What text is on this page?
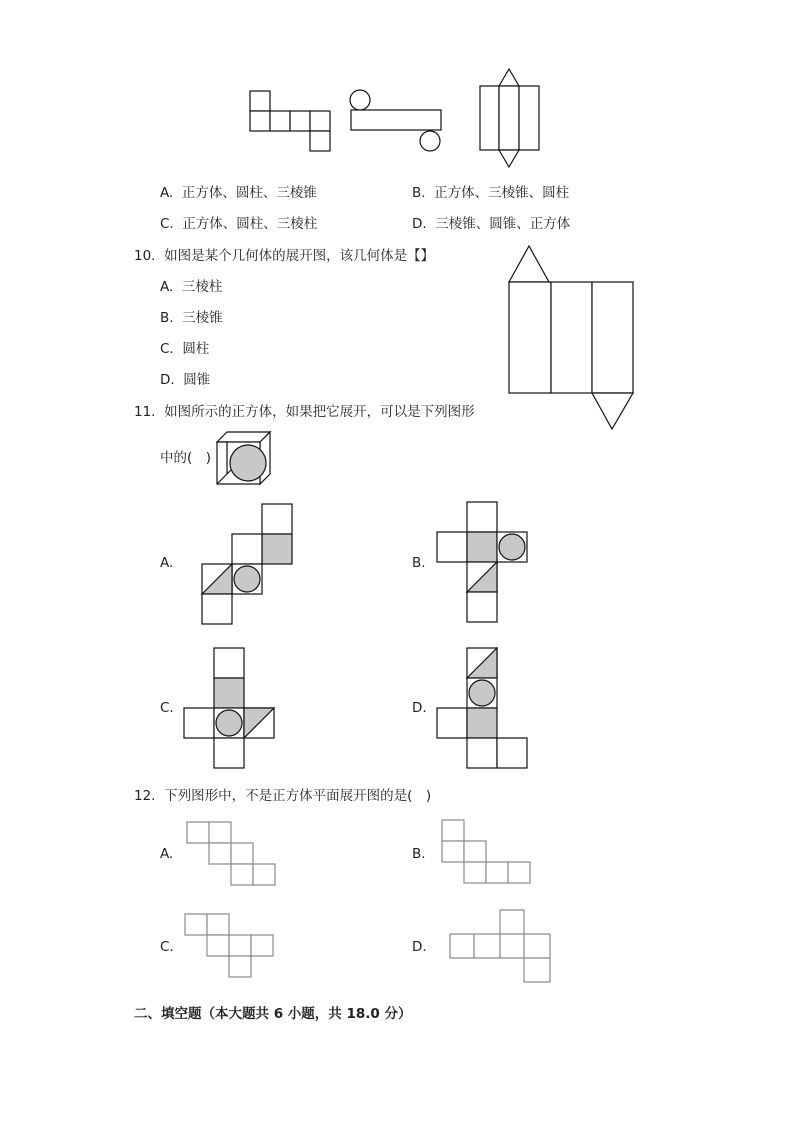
A. 正方体、圆柱、三棱锥	B. 正方体、三棱锥、圆柱
C. 正方体、圆柱、三棱柱	D. 三棱锥、圆锥、正方体
10. 如图是某个几何体的展开图，该几何体是【】
A. 三棱柱
B. 三棱锥
C. 圆柱
D. 圆锥
11. 如图所示的正方体，如果把它展开，可以是下列图形
中的(　)
A.	B.
C.	D.
12. 下列图形中，不是正方体平面展开图的是(　)
A.	B.
C.	D.
二、填空题（本大题共 6 小题，共 18.0 分）
